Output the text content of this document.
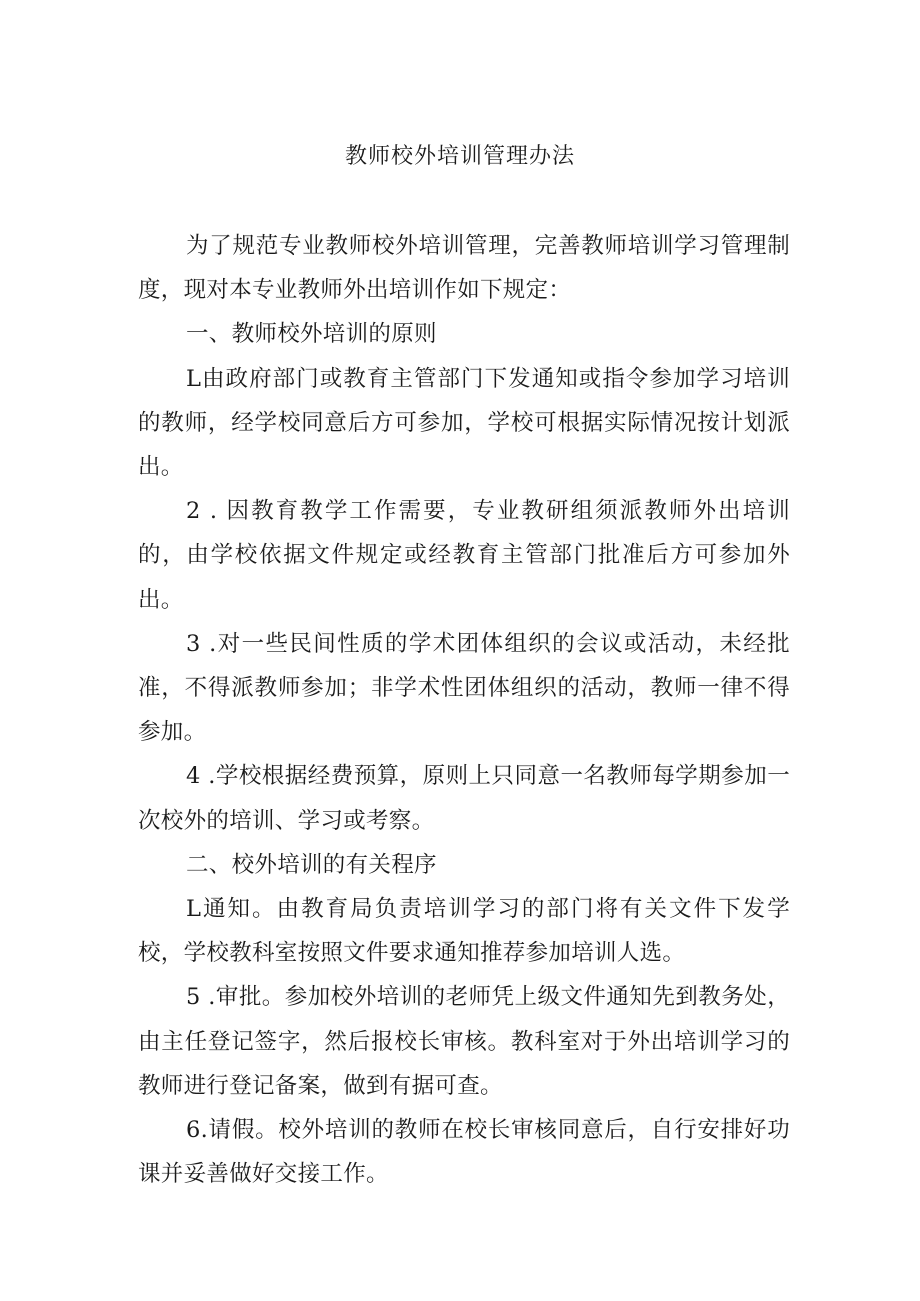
教师校外培训管理办法

为了规范专业教师校外培训管理，完善教师培训学习管理制度，现对本专业教师外出培训作如下规定：

一、教师校外培训的原则

L由政府部门或教育主管部门下发通知或指令参加学习培训的教师，经学校同意后方可参加，学校可根据实际情况按计划派出。

2 . 因教育教学工作需要，专业教研组须派教师外出培训的，由学校依据文件规定或经教育主管部门批准后方可参加外出。

3 .对一些民间性质的学术团体组织的会议或活动，未经批准，不得派教师参加；非学术性团体组织的活动，教师一律不得参加。

4 .学校根据经费预算，原则上只同意一名教师每学期参加一次校外的培训、学习或考察。

二、校外培训的有关程序

L通知。由教育局负责培训学习的部门将有关文件下发学校，学校教科室按照文件要求通知推荐参加培训人选。

5 .审批。参加校外培训的老师凭上级文件通知先到教务处，由主任登记签字，然后报校长审核。教科室对于外出培训学习的教师进行登记备案，做到有据可查。

6.请假。校外培训的教师在校长审核同意后，自行安排好功课并妥善做好交接工作。
